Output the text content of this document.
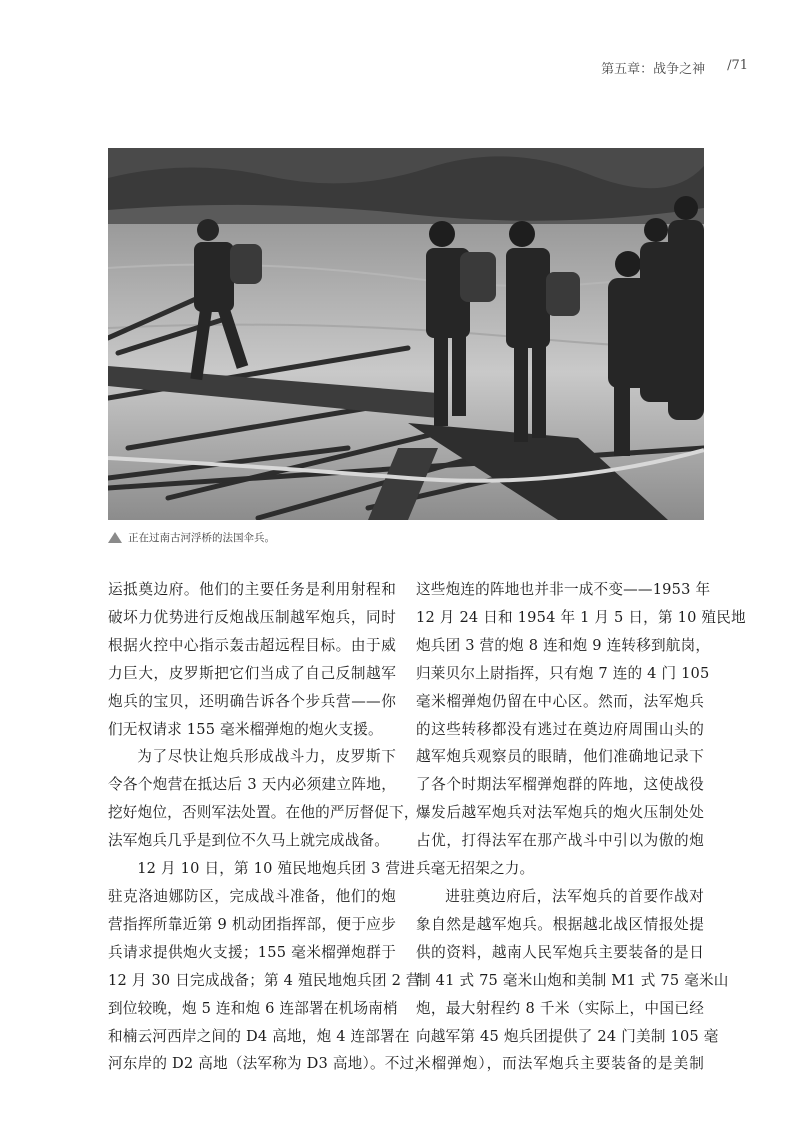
第五章：战争之神 /71
正在过南古河浮桥的法国伞兵。
运抵奠边府。他们的主要任务是利用射程和
破坏力优势进行反炮战压制越军炮兵，同时
根据火控中心指示轰击超远程目标。由于威
力巨大，皮罗斯把它们当成了自己反制越军
炮兵的宝贝，还明确告诉各个步兵营——你
们无权请求 155 毫米榴弹炮的炮火支援。
为了尽快让炮兵形成战斗力，皮罗斯下
令各个炮营在抵达后 3 天内必须建立阵地，
挖好炮位，否则军法处置。在他的严厉督促下，
法军炮兵几乎是到位不久马上就完成战备。
12 月 10 日，第 10 殖民地炮兵团 3 营进
驻克洛迪娜防区，完成战斗准备，他们的炮
营指挥所靠近第 9 机动团指挥部，便于应步
兵请求提供炮火支援；155 毫米榴弹炮群于
12 月 30 日完成战备；第 4 殖民地炮兵团 2 营
到位较晚，炮 5 连和炮 6 连部署在机场南梢
和楠云河西岸之间的 D4 高地，炮 4 连部署在
河东岸的 D2 高地（法军称为 D3 高地）。不过，
这些炮连的阵地也并非一成不变——1953 年
12 月 24 日和 1954 年 1 月 5 日，第 10 殖民地
炮兵团 3 营的炮 8 连和炮 9 连转移到航岗，
归莱贝尔上尉指挥，只有炮 7 连的 4 门 105
毫米榴弹炮仍留在中心区。然而，法军炮兵
的这些转移都没有逃过在奠边府周围山头的
越军炮兵观察员的眼睛，他们准确地记录下
了各个时期法军榴弹炮群的阵地，这使战役
爆发后越军炮兵对法军炮兵的炮火压制处处
占优，打得法军在那产战斗中引以为傲的炮
兵毫无招架之力。
进驻奠边府后，法军炮兵的首要作战对
象自然是越军炮兵。根据越北战区情报处提
供的资料，越南人民军炮兵主要装备的是日
制 41 式 75 毫米山炮和美制 M1 式 75 毫米山
炮，最大射程约 8 千米（实际上，中国已经
向越军第 45 炮兵团提供了 24 门美制 105 毫
米榴弹炮），而法军炮兵主要装备的是美制
